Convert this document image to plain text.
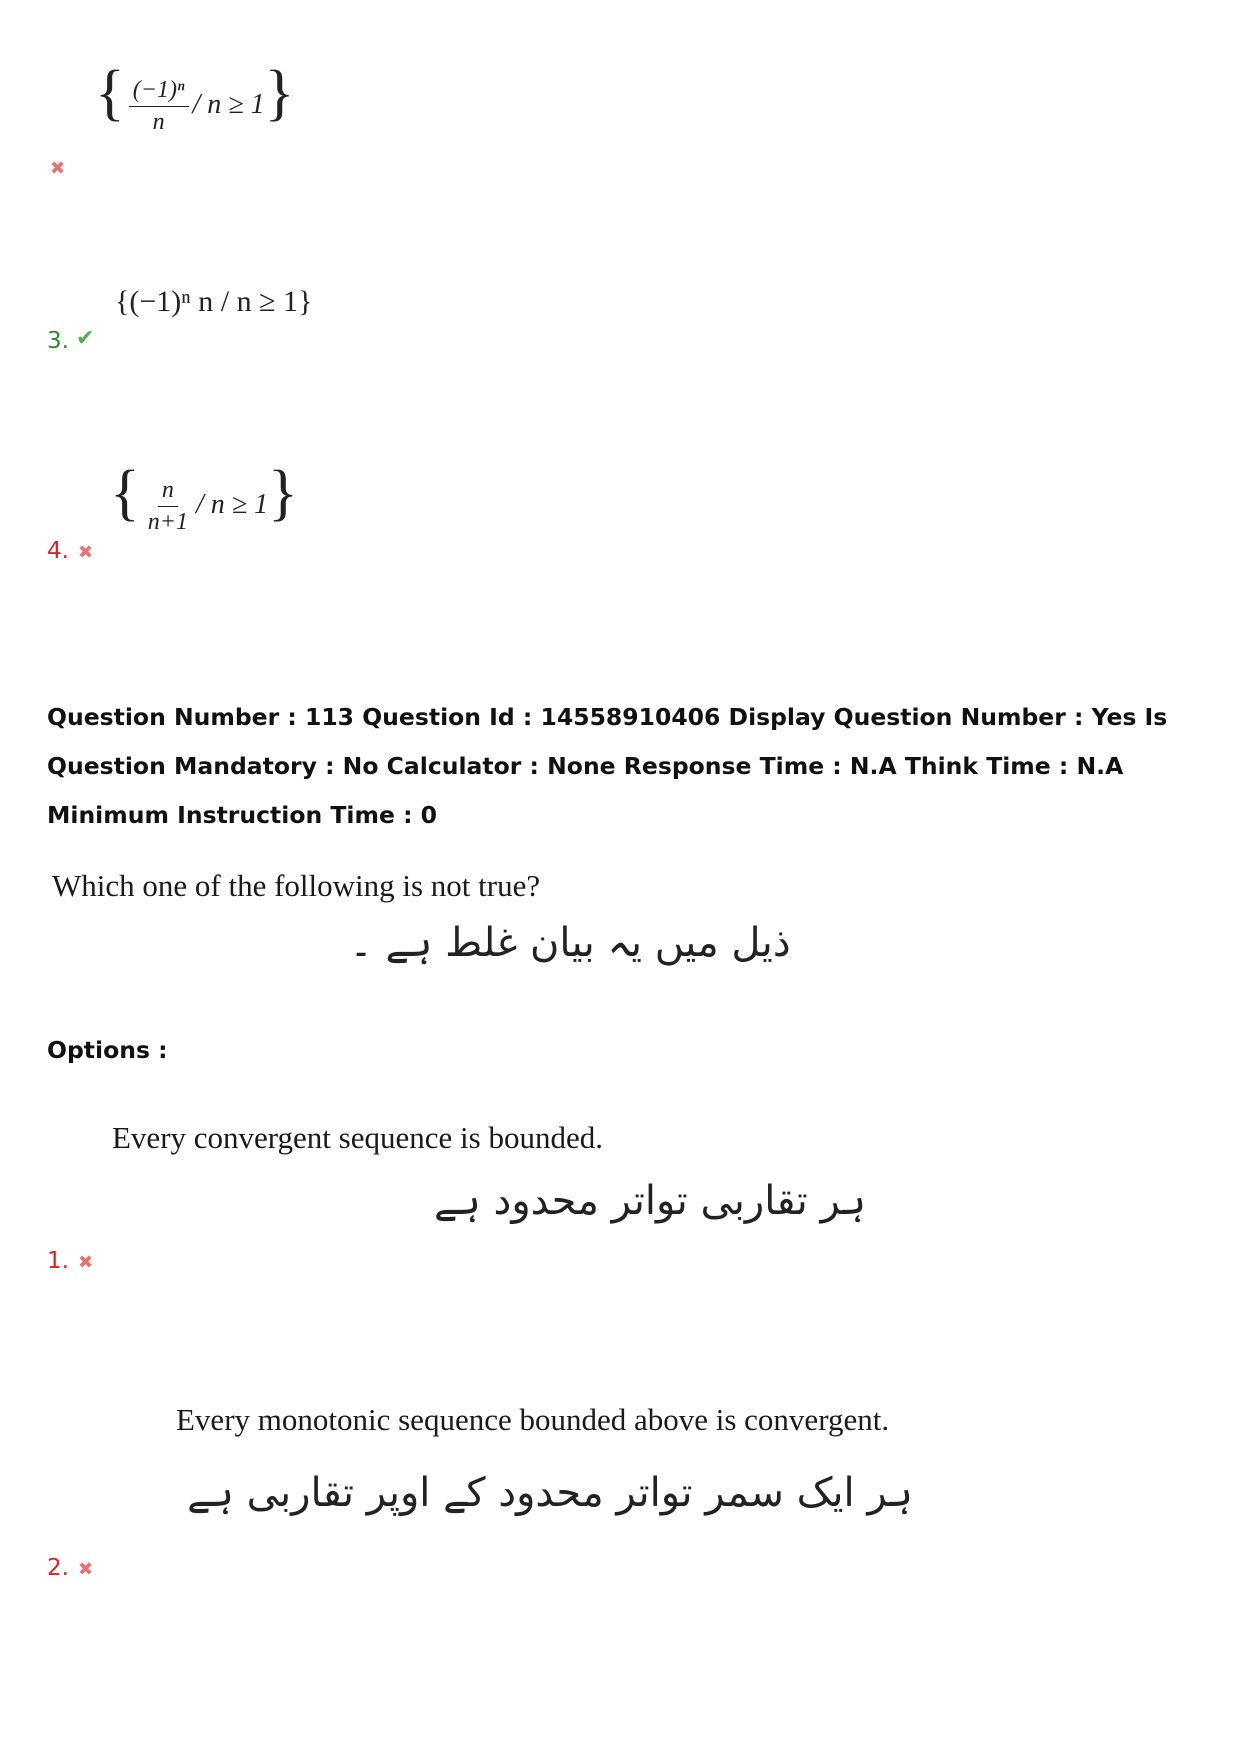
{ $\frac{\text{(−1)ⁿ}}{n} / n \ge 1$}
✖
{(−1)ⁿ n / n ≥ 1}
3. ✔
{ $\frac{n}{n+1} / n \ge 1$}
4. ✖
Question Number : 113 Question Id : 14558910406 Display Question Number : Yes Is Question Mandatory : No Calculator : None Response Time : N.A Think Time : N.A Minimum Instruction Time : 0
Which one of the following is not true?
ذیل میں یہ بیان غلط ہے ۔
Options :
Every convergent sequence is bounded.
ہر تقاربی تواتر محدود ہے
1. ✖
Every monotonic sequence bounded above is convergent.
ہر ایک سمر تواتر محدود کے اوپر تقاربی ہے
2. ✖
